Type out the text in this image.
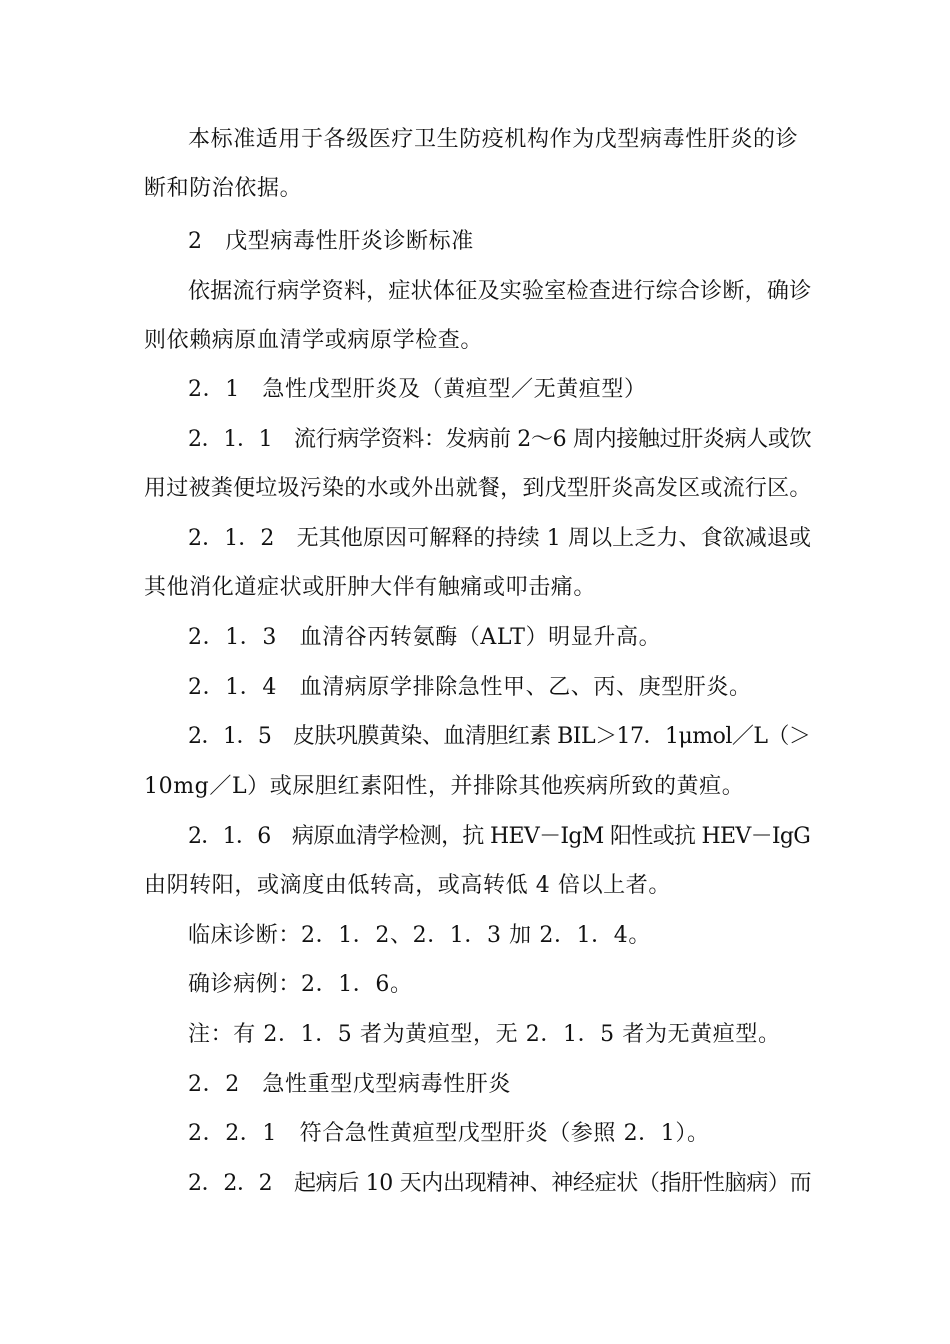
本标准适用于各级医疗卫生防疫机构作为戊型病毒性肝炎的诊
断和防治依据。
2　戊型病毒性肝炎诊断标准
依据流行病学资料，症状体征及实验室检查进行综合诊断，确诊
则依赖病原血清学或病原学检查。
2．1　急性戊型肝炎及（黄疸型／无黄疸型）
2．1．1　流行病学资料：发病前 2～6 周内接触过肝炎病人或饮
用过被粪便垃圾污染的水或外出就餐，到戊型肝炎高发区或流行区。
2．1．2　无其他原因可解释的持续 1 周以上乏力、食欲减退或
其他消化道症状或肝肿大伴有触痛或叩击痛。
2．1．3　血清谷丙转氨酶（ALT）明显升高。
2．1．4　血清病原学排除急性甲、乙、丙、庚型肝炎。
2．1．5　皮肤巩膜黄染、血清胆红素 BIL＞17．1μmol／L（＞
10mg／L）或尿胆红素阳性，并排除其他疾病所致的黄疸。
2．1．6　病原血清学检测，抗 HEV－IgM 阳性或抗 HEV－IgG
由阴转阳，或滴度由低转高，或高转低 4 倍以上者。
临床诊断：2．1．2、2．1．3 加 2．1．4。
确诊病例：2．1．6。
注：有 2．1．5 者为黄疸型，无 2．1．5 者为无黄疸型。
2．2　急性重型戊型病毒性肝炎
2．2．1　符合急性黄疸型戊型肝炎（参照 2．1）。
2．2．2　起病后 10 天内出现精神、神经症状（指肝性脑病）而
